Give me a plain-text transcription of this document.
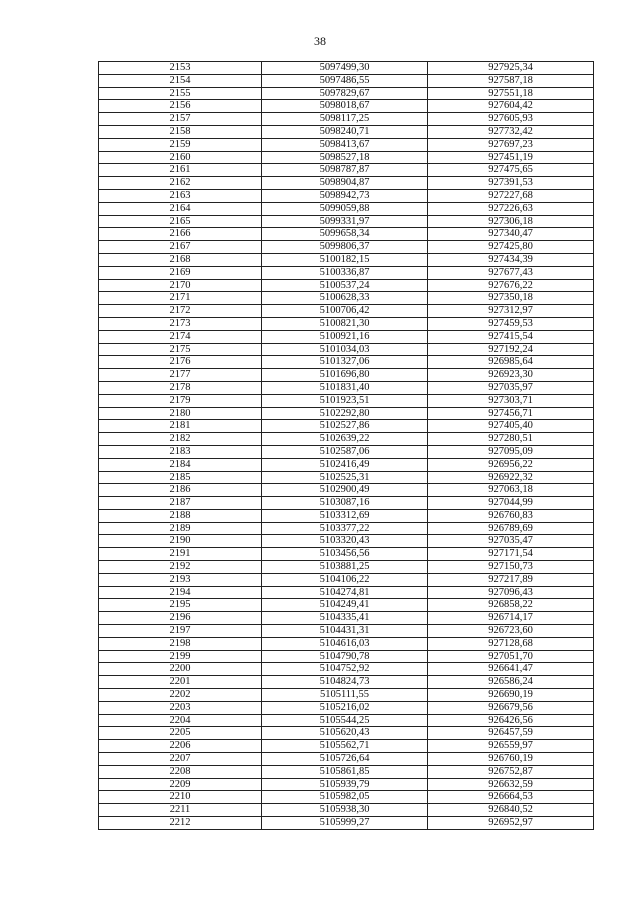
38
2153	5097499,30	927925,34
2154	5097486,55	927587,18
2155	5097829,67	927551,18
2156	5098018,67	927604,42
2157	5098117,25	927605,93
2158	5098240,71	927732,42
2159	5098413,67	927697,23
2160	5098527,18	927451,19
2161	5098787,87	927475,65
2162	5098904,87	927391,53
2163	5098942,73	927227,68
2164	5099059,88	927226,63
2165	5099331,97	927306,18
2166	5099658,34	927340,47
2167	5099806,37	927425,80
2168	5100182,15	927434,39
2169	5100336,87	927677,43
2170	5100537,24	927676,22
2171	5100628,33	927350,18
2172	5100706,42	927312,97
2173	5100821,30	927459,53
2174	5100921,16	927415,54
2175	5101034,03	927192,24
2176	5101327,06	926985,64
2177	5101696,80	926923,30
2178	5101831,40	927035,97
2179	5101923,51	927303,71
2180	5102292,80	927456,71
2181	5102527,86	927405,40
2182	5102639,22	927280,51
2183	5102587,06	927095,09
2184	5102416,49	926956,22
2185	5102525,31	926922,32
2186	5102900,49	927063,18
2187	5103087,16	927044,99
2188	5103312,69	926760,83
2189	5103377,22	926789,69
2190	5103320,43	927035,47
2191	5103456,56	927171,54
2192	5103881,25	927150,73
2193	5104106,22	927217,89
2194	5104274,81	927096,43
2195	5104249,41	926858,22
2196	5104335,41	926714,17
2197	5104431,31	926723,60
2198	5104616,03	927128,68
2199	5104790,78	927051,70
2200	5104752,92	926641,47
2201	5104824,73	926586,24
2202	5105111,55	926690,19
2203	5105216,02	926679,56
2204	5105544,25	926426,56
2205	5105620,43	926457,59
2206	5105562,71	926559,97
2207	5105726,64	926760,19
2208	5105861,85	926752,87
2209	5105939,79	926632,59
2210	5105982,05	926664,53
2211	5105938,30	926840,52
2212	5105999,27	926952,97
